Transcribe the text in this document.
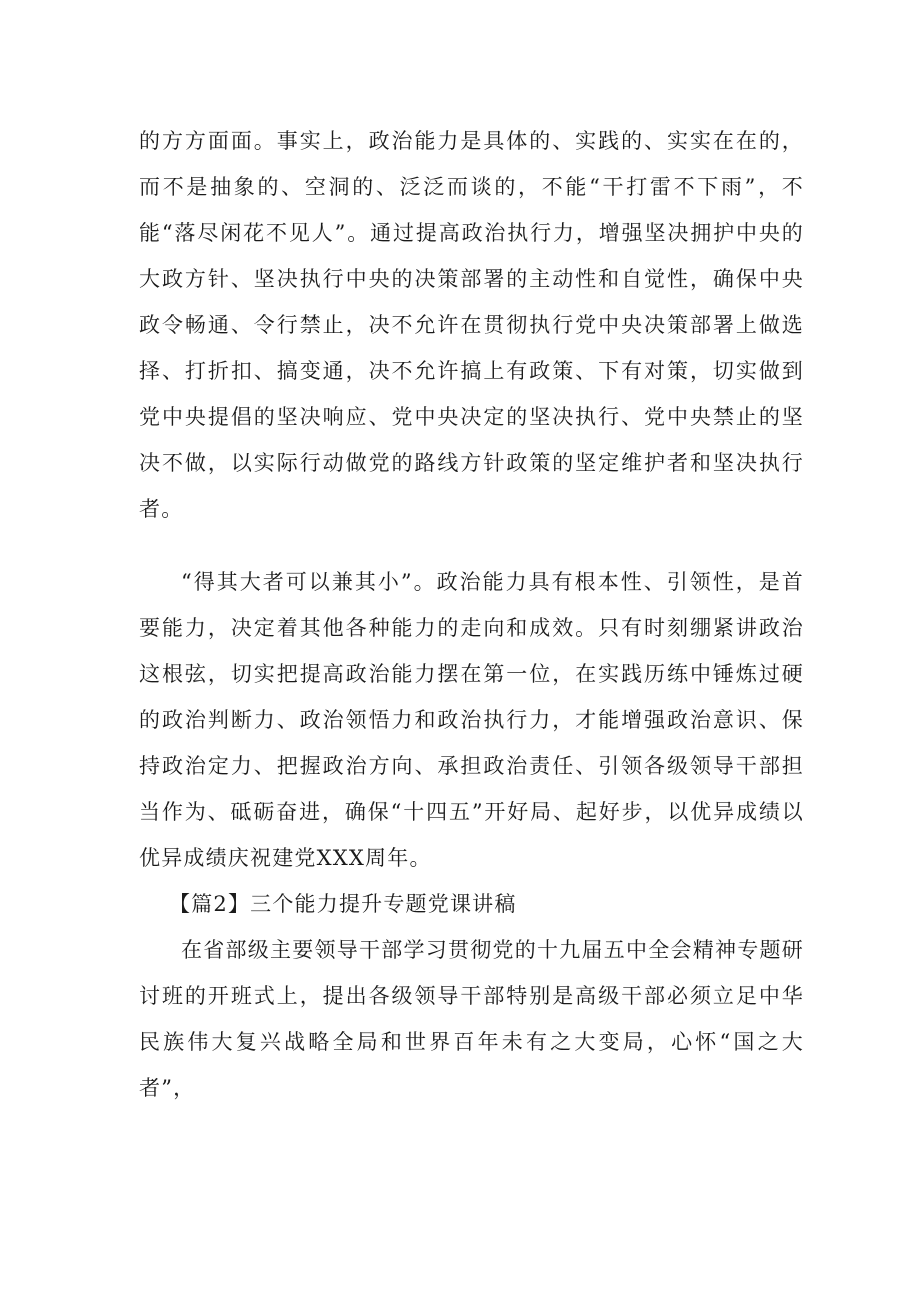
的方方面面。事实上，政治能力是具体的、实践的、实实在在的，而不是抽象的、空洞的、泛泛而谈的，不能“干打雷不下雨”，不能“落尽闲花不见人”。通过提高政治执行力，增强坚决拥护中央的大政方针、坚决执行中央的决策部署的主动性和自觉性，确保中央政令畅通、令行禁止，决不允许在贯彻执行党中央决策部署上做选择、打折扣、搞变通，决不允许搞上有政策、下有对策，切实做到党中央提倡的坚决响应、党中央决定的坚决执行、党中央禁止的坚决不做，以实际行动做党的路线方针政策的坚定维护者和坚决执行者。

“得其大者可以兼其小”。政治能力具有根本性、引领性，是首要能力，决定着其他各种能力的走向和成效。只有时刻绷紧讲政治这根弦，切实把提高政治能力摆在第一位，在实践历练中锤炼过硬的政治判断力、政治领悟力和政治执行力，才能增强政治意识、保持政治定力、把握政治方向、承担政治责任、引领各级领导干部担当作为、砥砺奋进，确保“十四五”开好局、起好步，以优异成绩以优异成绩庆祝建党XXX周年。

【篇2】三个能力提升专题党课讲稿

在省部级主要领导干部学习贯彻党的十九届五中全会精神专题研讨班的开班式上，提出各级领导干部特别是高级干部必须立足中华民族伟大复兴战略全局和世界百年未有之大变局，心怀“国之大者”，
